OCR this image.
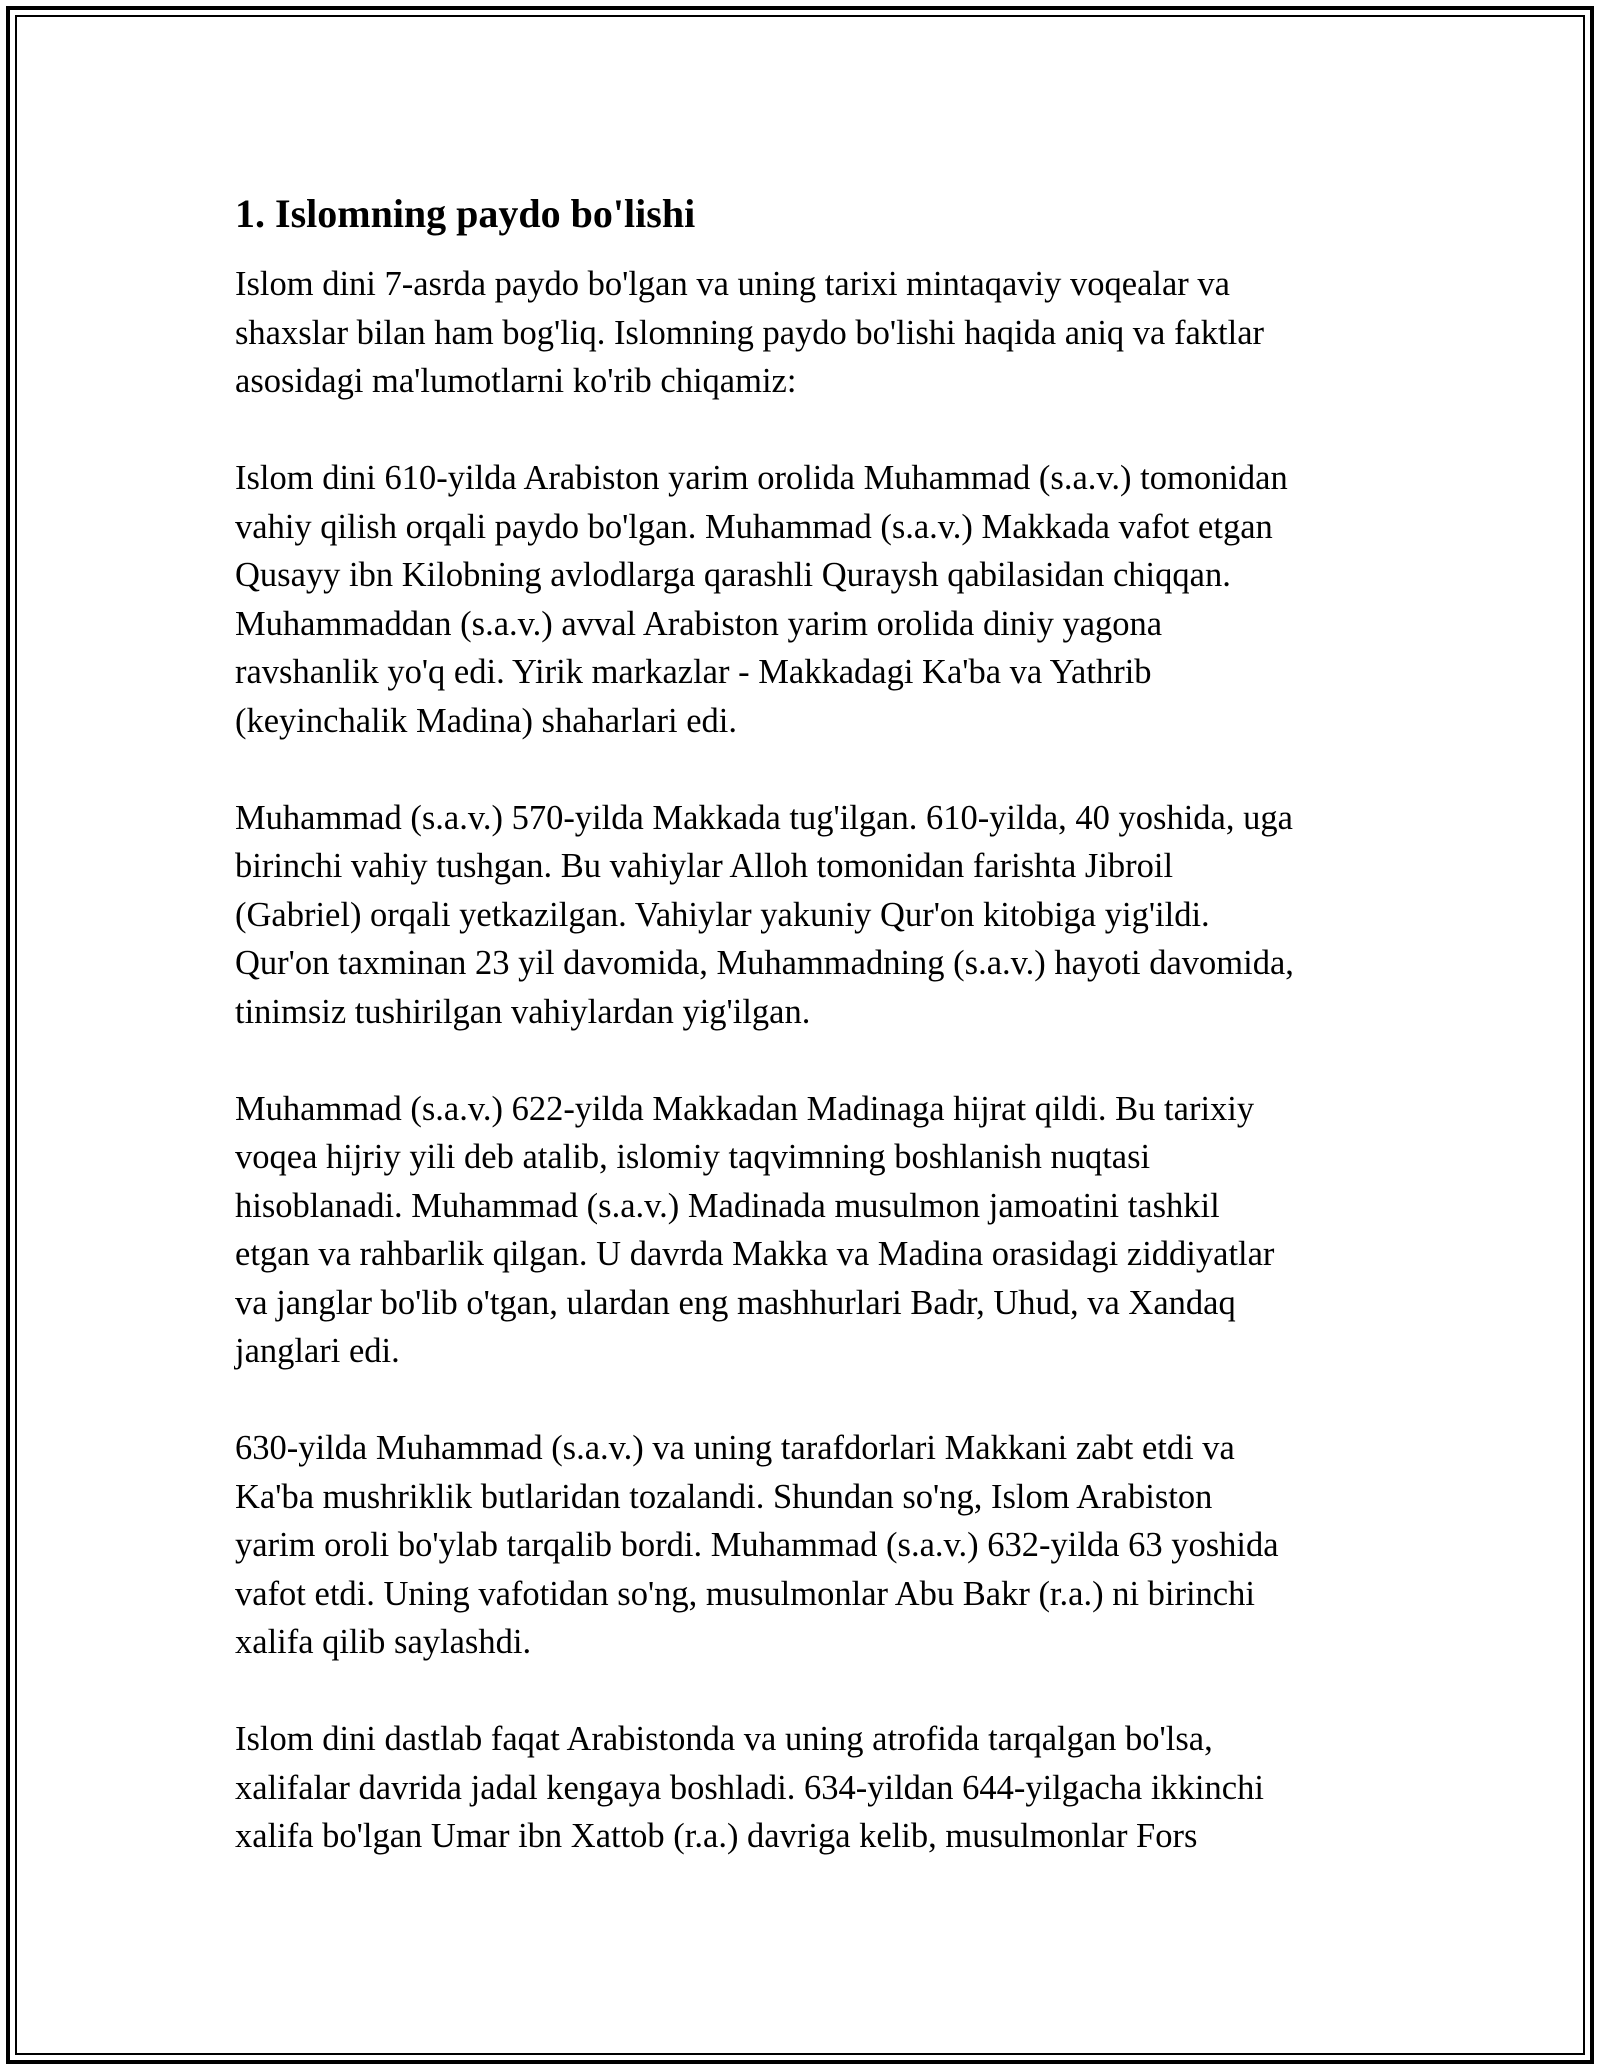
1. Islomning paydo bo'lishi

Islom dini 7-asrda paydo bo'lgan va uning tarixi mintaqaviy voqealar va
shaxslar bilan ham bog'liq. Islomning paydo bo'lishi haqida aniq va faktlar
asosidagi ma'lumotlarni ko'rib chiqamiz:

Islom dini 610-yilda Arabiston yarim orolida Muhammad (s.a.v.) tomonidan
vahiy qilish orqali paydo bo'lgan. Muhammad (s.a.v.) Makkada vafot etgan
Qusayy ibn Kilobning avlodlarga qarashli Quraysh qabilasidan chiqqan.
Muhammaddan (s.a.v.) avval Arabiston yarim orolida diniy yagona
ravshanlik yo'q edi. Yirik markazlar - Makkadagi Ka'ba va Yathrib
(keyinchalik Madina) shaharlari edi.

Muhammad (s.a.v.) 570-yilda Makkada tug'ilgan. 610-yilda, 40 yoshida, uga
birinchi vahiy tushgan. Bu vahiylar Alloh tomonidan farishta Jibroil
(Gabriel) orqali yetkazilgan. Vahiylar yakuniy Qur'on kitobiga yig'ildi.
Qur'on taxminan 23 yil davomida, Muhammadning (s.a.v.) hayoti davomida,
tinimsiz tushirilgan vahiylardan yig'ilgan.

Muhammad (s.a.v.) 622-yilda Makkadan Madinaga hijrat qildi. Bu tarixiy
voqea hijriy yili deb atalib, islomiy taqvimning boshlanish nuqtasi
hisoblanadi. Muhammad (s.a.v.) Madinada musulmon jamoatini tashkil
etgan va rahbarlik qilgan. U davrda Makka va Madina orasidagi ziddiyatlar
va janglar bo'lib o'tgan, ulardan eng mashhurlari Badr, Uhud, va Xandaq
janglari edi.

630-yilda Muhammad (s.a.v.) va uning tarafdorlari Makkani zabt etdi va
Ka'ba mushriklik butlaridan tozalandi. Shundan so'ng, Islom Arabiston
yarim oroli bo'ylab tarqalib bordi. Muhammad (s.a.v.) 632-yilda 63 yoshida
vafot etdi. Uning vafotidan so'ng, musulmonlar Abu Bakr (r.a.) ni birinchi
xalifa qilib saylashdi.

Islom dini dastlab faqat Arabistonda va uning atrofida tarqalgan bo'lsa,
xalifalar davrida jadal kengaya boshladi. 634-yildan 644-yilgacha ikkinchi
xalifa bo'lgan Umar ibn Xattob (r.a.) davriga kelib, musulmonlar Fors
